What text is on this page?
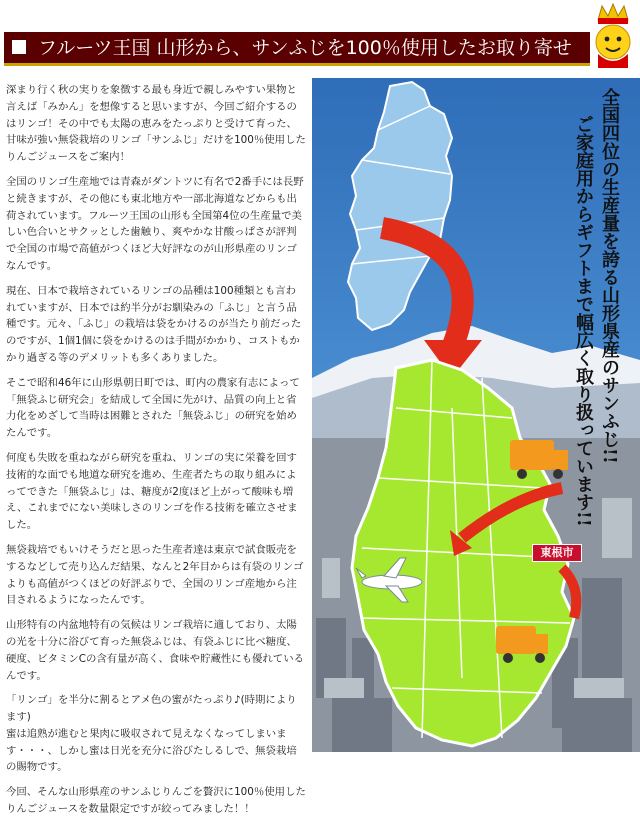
フルーツ王国 山形から、サンふじを100％使用したお取り寄せ

深まり行く秋の実りを象徴する最も身近で親しみやすい果物と言えば「みかん」を想像すると思いますが、今回ご紹介するのはリンゴ！その中でも太陽の恵みをたっぷりと受けて育った、甘味が強い無袋栽培のリンゴ「サンふじ」だけを100％使用したりんごジュースをご案内！

全国のリンゴ生産地では青森がダントツに有名で2番手には長野と続きますが、その他にも東北地方や一部北海道などからも出荷されています。フルーツ王国の山形も全国第4位の生産量で美しい色合いとサクッとした歯触り、爽やかな甘酸っぱさが評判で全国の市場で高値がつくほど大好評なのが山形県産のリンゴなんです。

現在、日本で栽培されているリンゴの品種は100種類とも言われていますが、日本では約半分がお馴染みの「ふじ」と言う品種です。元々、「ふじ」の栽培は袋をかけるのが当たり前だったのですが、1個1個に袋をかけるのは手間がかかり、コストもかかり過ぎる等のデメリットも多くありました。

そこで昭和46年に山形県朝日町では、町内の農家有志によって「無袋ふじ研究会」を結成して全国に先がけ、品質の向上と省力化をめざして当時は困難とされた「無袋ふじ」の研究を始めたんです。

何度も失敗を重ねながら研究を重ね、リンゴの実に栄養を回す技術的な面でも地道な研究を進め、生産者たちの取り組みによってできた「無袋ふじ」は、糖度が2度ほど上がって酸味も増え、これまでにない美味しさのリンゴを作る技術を確立させました。

無袋栽培でもいけそうだと思った生産者達は東京で試食販売をするなどして売り込んだ結果、なんと2年目からは有袋のリンゴよりも高値がつくほどの好評ぶりで、全国のリンゴ産地から注目されるようになったんです。

山形特有の内盆地特有の気候はリンゴ栽培に適しており、太陽の光を十分に浴びて育った無袋ふじは、有袋ふじに比べ糖度、硬度、ビタミンCの含有量が高く、食味や貯蔵性にも優れているんです。

「リンゴ」を半分に割るとアメ色の蜜がたっぷり♪(時期によります)
蜜は追熟が進むと果肉に吸収されて見えなくなってしまいます・・・、しかし蜜は日光を充分に浴びたしるしで、無袋栽培の賜物です。

今回、そんな山形県産のサンふじりんごを贅沢に100％使用したりんごジュースを数量限定ですが絞ってみました！！

全国四位の生産量を誇る山形県産のサンふじ!!
ご家庭用からギフトまで幅広く取り扱っています!!
東根市
